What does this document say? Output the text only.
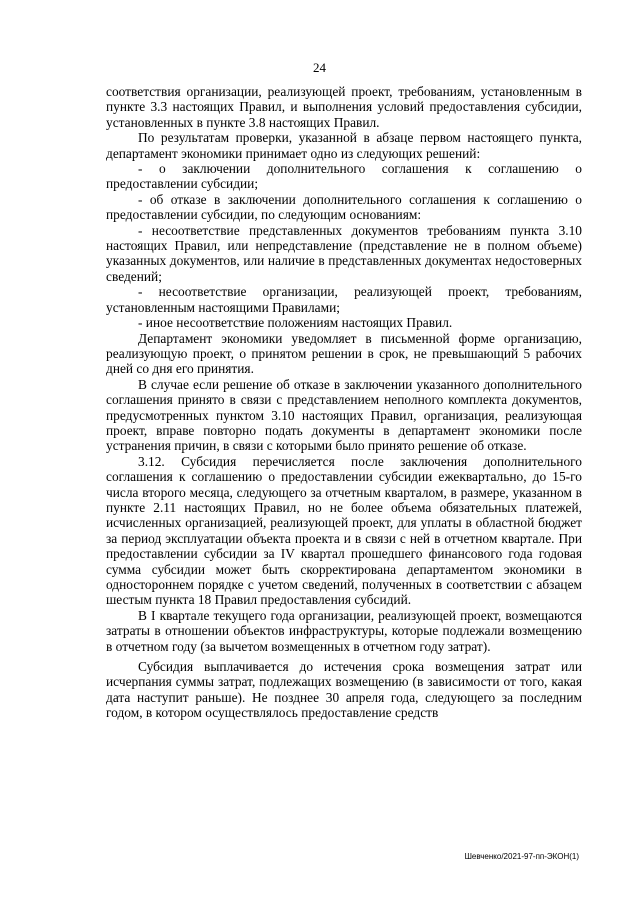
24

соответствия организации, реализующей проект, требованиям, установленным в пункте 3.3 настоящих Правил, и выполнения условий предоставления субсидии, установленных в пункте 3.8 настоящих Правил.

По результатам проверки, указанной в абзаце первом настоящего пункта, департамент экономики принимает одно из следующих решений:

- о заключении дополнительного соглашения к соглашению о предоставлении субсидии;

- об отказе в заключении дополнительного соглашения к соглашению о предоставлении субсидии, по следующим основаниям:

- несоответствие представленных документов требованиям пункта 3.10 настоящих Правил, или непредставление (представление не в полном объеме) указанных документов, или наличие в представленных документах недостоверных сведений;

- несоответствие организации, реализующей проект, требованиям, установленным настоящими Правилами;

- иное несоответствие положениям настоящих Правил.

Департамент экономики уведомляет в письменной форме организацию, реализующую проект, о принятом решении в срок, не превышающий 5 рабочих дней со дня его принятия.

В случае если решение об отказе в заключении указанного дополнительного соглашения принято в связи с представлением неполного комплекта документов, предусмотренных пунктом 3.10 настоящих Правил, организация, реализующая проект, вправе повторно подать документы в департамент экономики после устранения причин, в связи с которыми было принято решение об отказе.

3.12. Субсидия перечисляется после заключения дополнительного соглашения к соглашению о предоставлении субсидии ежеквартально, до 15-го числа второго месяца, следующего за отчетным кварталом, в размере, указанном в пункте 2.11 настоящих Правил, но не более объема обязательных платежей, исчисленных организацией, реализующей проект, для уплаты в областной бюджет за период эксплуатации объекта проекта и в связи с ней в отчетном квартале. При предоставлении субсидии за IV квартал прошедшего финансового года годовая сумма субсидии может быть скорректирована департаментом экономики в одностороннем порядке с учетом сведений, полученных в соответствии с абзацем шестым пункта 18 Правил предоставления субсидий.

В I квартале текущего года организации, реализующей проект, возмещаются затраты в отношении объектов инфраструктуры, которые подлежали возмещению в отчетном году (за вычетом возмещенных в отчетном году затрат).

Субсидия выплачивается до истечения срока возмещения затрат или исчерпания суммы затрат, подлежащих возмещению (в зависимости от того, какая дата наступит раньше). Не позднее 30 апреля года, следующего за последним годом, в котором осуществлялось предоставление средств

Шевченко/2021-97-пп-ЭКОН(1)
